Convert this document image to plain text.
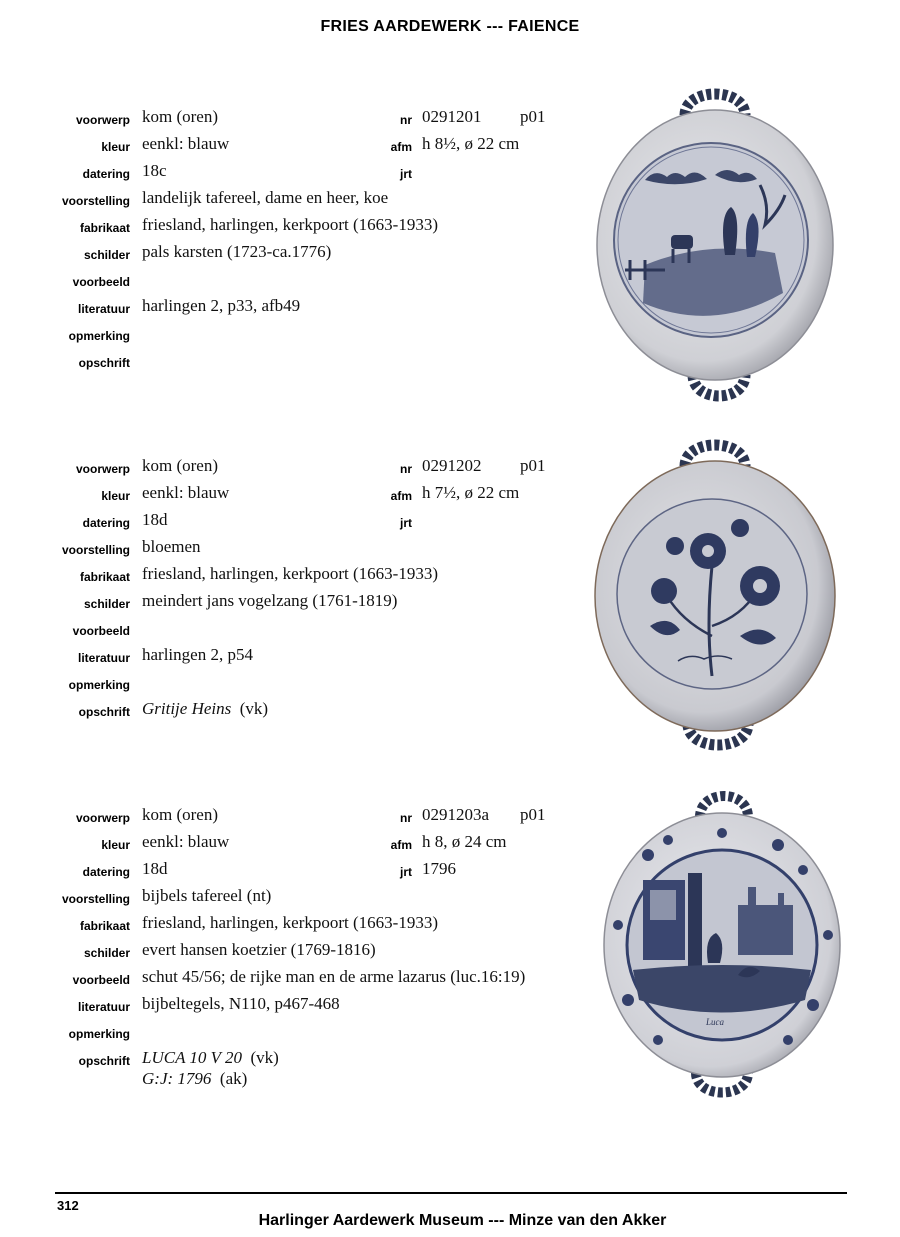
FRIES AARDEWERK --- FAIENCE
voorwerp kom (oren)	nr 0291201 p01
kleur eenkl: blauw	afm h 8½, ø 22 cm
datering 18c	jrt
voorstelling landelijk tafereel, dame en heer, koe
fabrikaat friesland, harlingen, kerkpoort (1663-1933)
schilder pals karsten (1723-ca.1776)
voorbeeld
literatuur harlingen 2, p33, afb49
opmerking
opschrift
voorwerp kom (oren)	nr 0291202 p01
kleur eenkl: blauw	afm h 7½, ø 22 cm
datering 18d	jrt
voorstelling bloemen
fabrikaat friesland, harlingen, kerkpoort (1663-1933)
schilder meindert jans vogelzang (1761-1819)
voorbeeld
literatuur harlingen 2, p54
opmerking
opschrift Gritije Heins (vk)
voorwerp kom (oren)	nr 0291203a p01
kleur eenkl: blauw	afm h 8, ø 24 cm
datering 18d	jrt 1796
voorstelling bijbels tafereel (nt)
fabrikaat friesland, harlingen, kerkpoort (1663-1933)
schilder evert hansen koetzier (1769-1816)
voorbeeld schut 45/56; de rijke man en de arme lazarus (luc.16:19)
literatuur bijbeltegels, N110, p467-468
opmerking
opschrift LUCA 10 V 20 (vk)
G:J: 1796 (ak)
Luca
312
Harlinger Aardewerk Museum --- Minze van den Akker
